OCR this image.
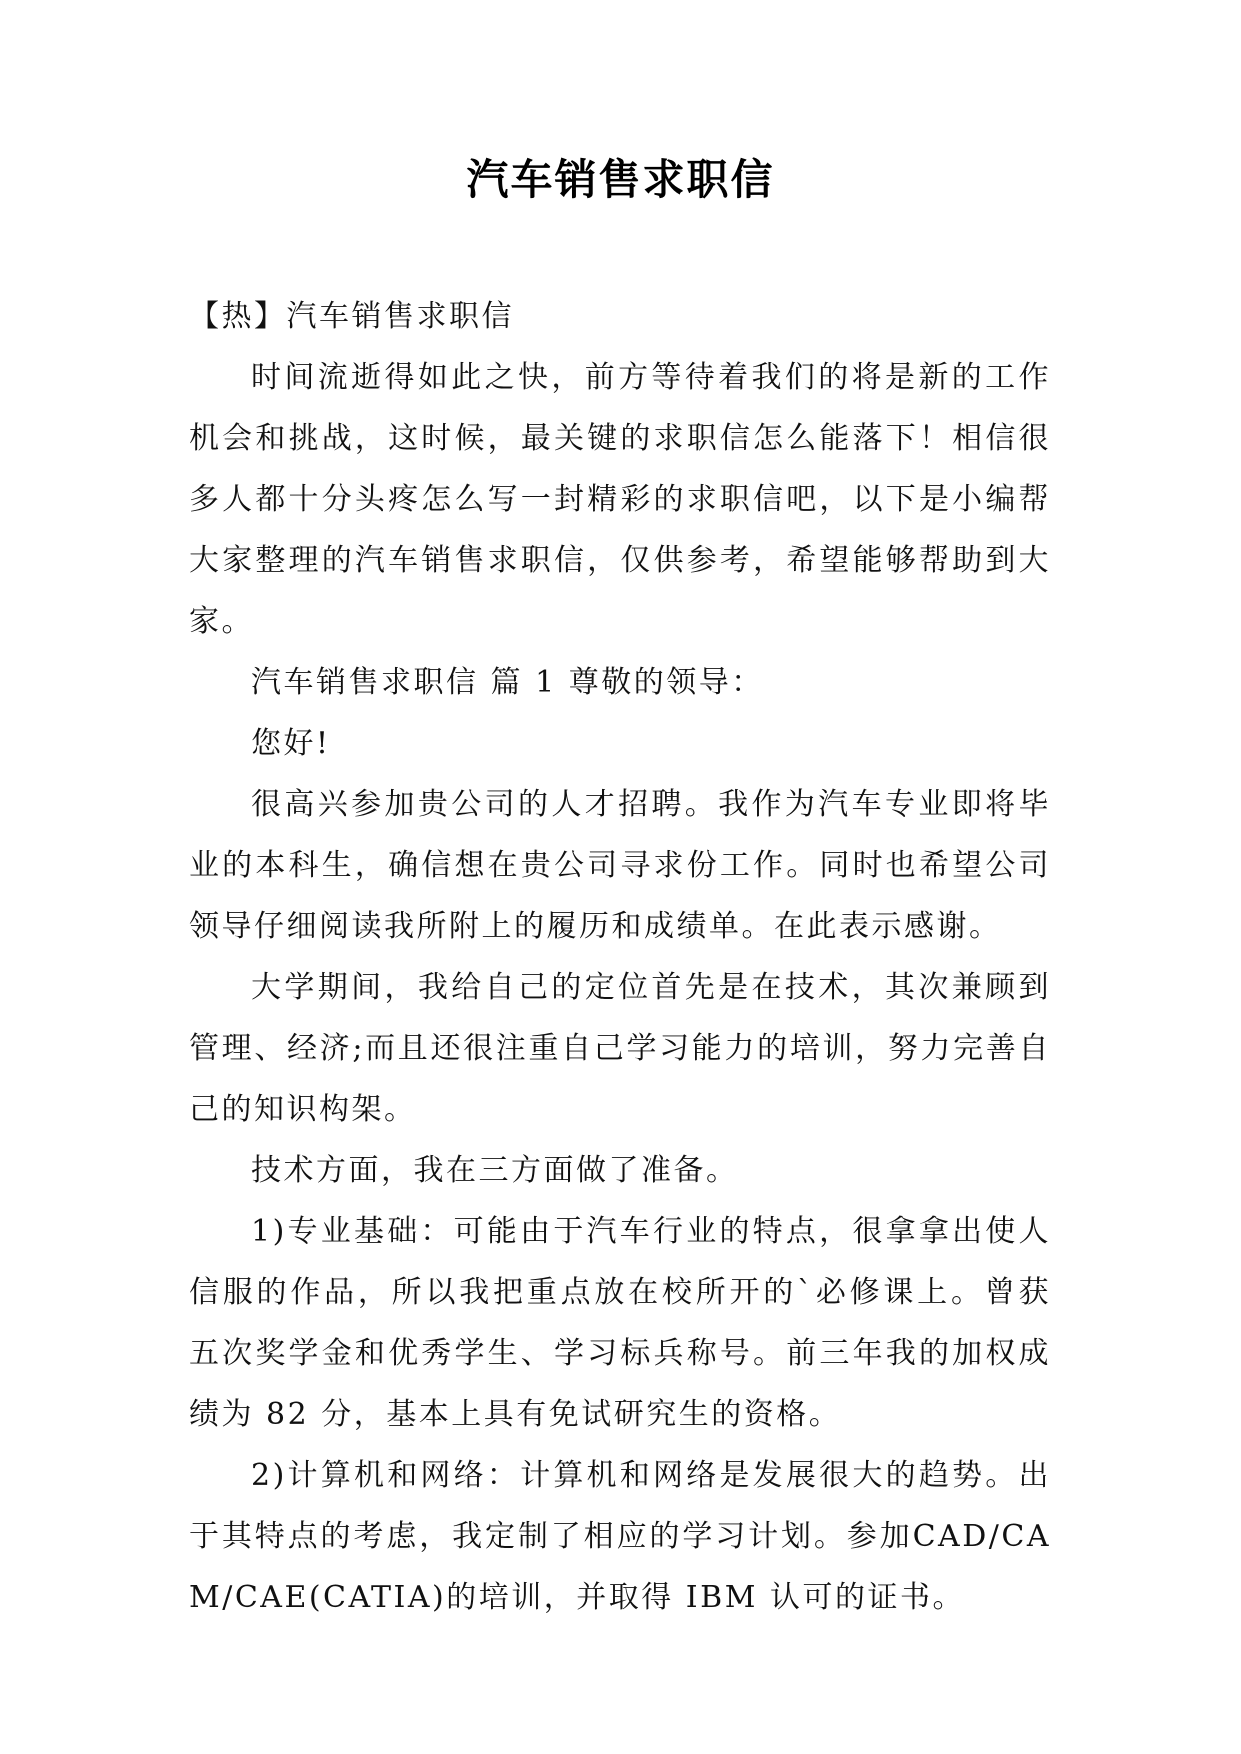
汽车销售求职信

【热】汽车销售求职信

时间流逝得如此之快，前方等待着我们的将是新的工作机会和挑战，这时候，最关键的求职信怎么能落下！相信很多人都十分头疼怎么写一封精彩的求职信吧，以下是小编帮大家整理的汽车销售求职信，仅供参考，希望能够帮助到大家。

汽车销售求职信 篇 1 尊敬的领导：

您好!

很高兴参加贵公司的人才招聘。我作为汽车专业即将毕业的本科生，确信想在贵公司寻求份工作。同时也希望公司领导仔细阅读我所附上的履历和成绩单。在此表示感谢。

大学期间，我给自己的定位首先是在技术，其次兼顾到管理、经济;而且还很注重自己学习能力的培训，努力完善自己的知识构架。

技术方面，我在三方面做了准备。

1)专业基础：可能由于汽车行业的特点，很拿拿出使人信服的作品，所以我把重点放在校所开的`必修课上。曾获五次奖学金和优秀学生、学习标兵称号。前三年我的加权成绩为 82 分，基本上具有免试研究生的资格。

2)计算机和网络：计算机和网络是发展很大的趋势。出于其特点的考虑，我定制了相应的学习计划。参加CAD/CAM/CAE(CATIA)的培训，并取得 IBM 认可的证书。
